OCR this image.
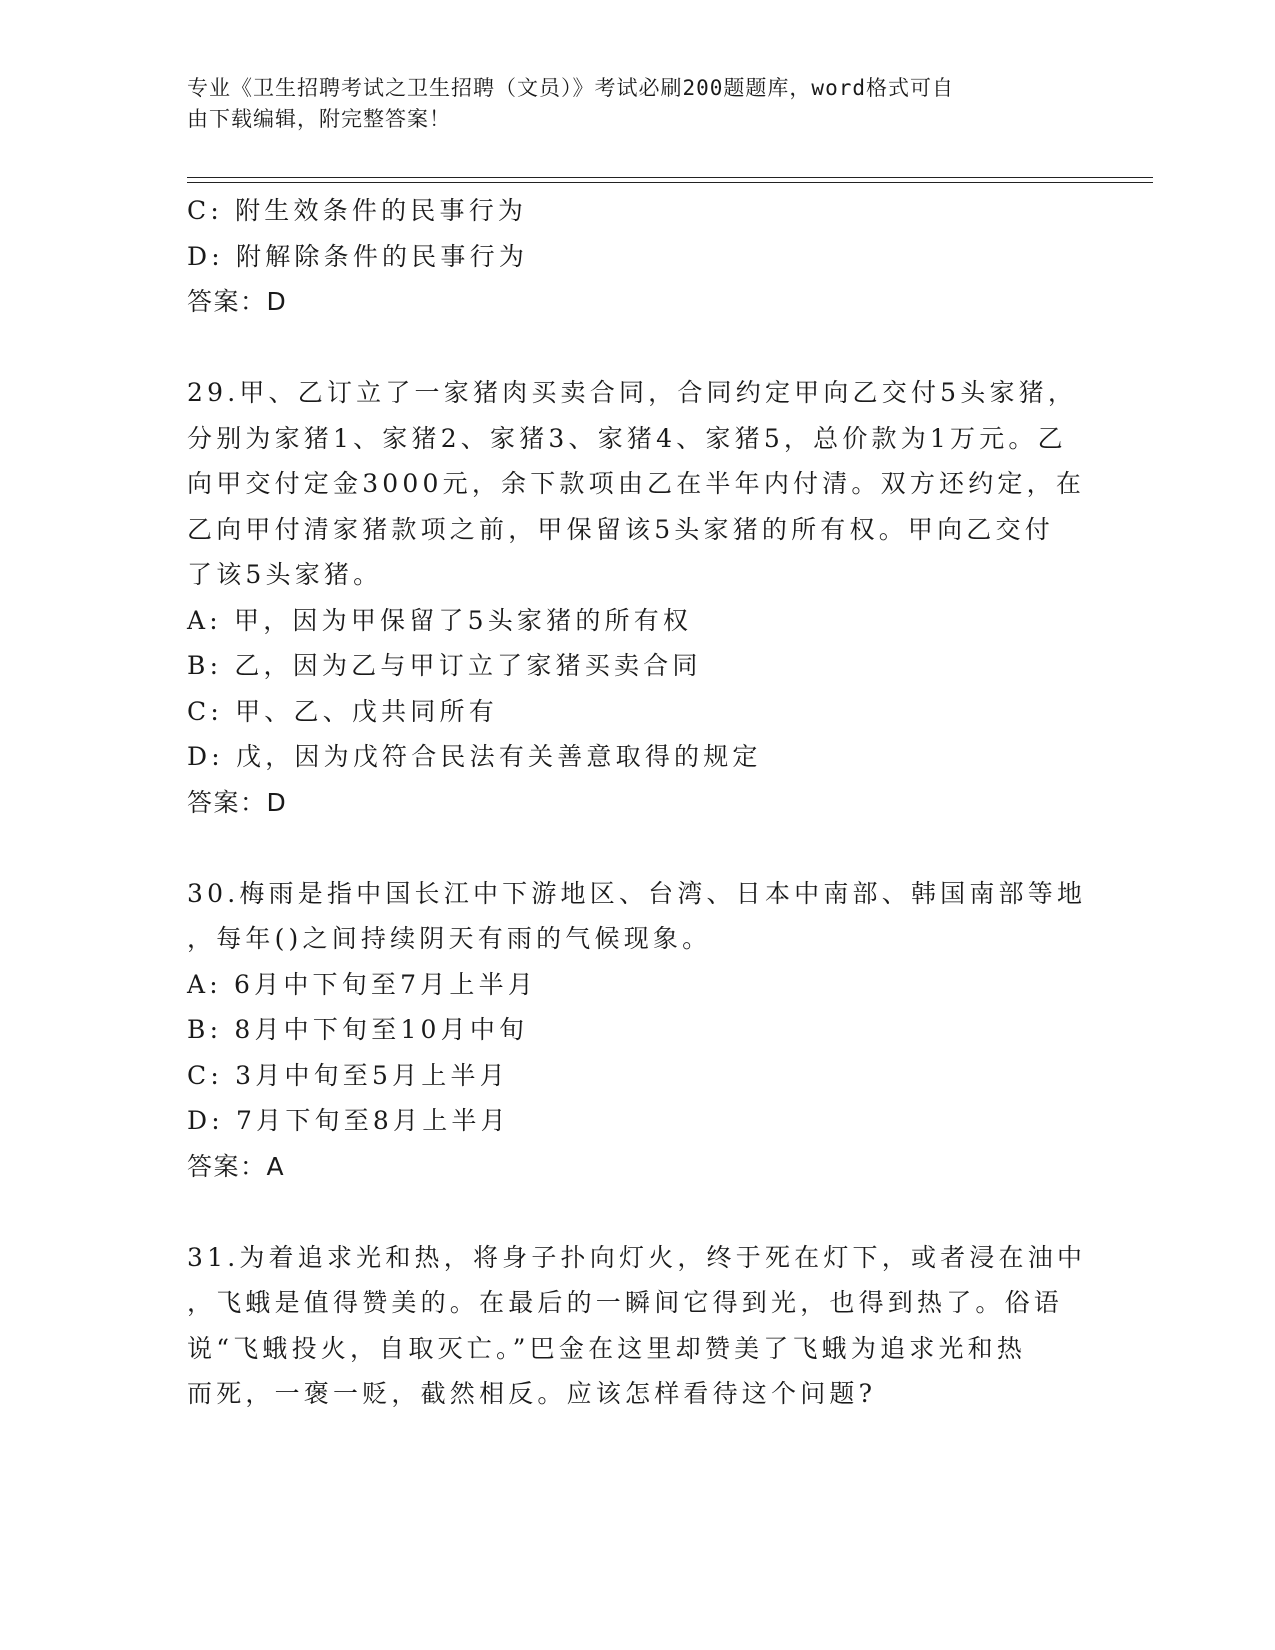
专业《卫生招聘考试之卫生招聘（文员）》考试必刷200题题库，word格式可自
由下载编辑，附完整答案！
C: 附生效条件的民事行为
D: 附解除条件的民事行为
答案：D
29.甲、乙订立了一家猪肉买卖合同，合同约定甲向乙交付5头家猪，
分别为家猪1、家猪2、家猪3、家猪4、家猪5，总价款为1万元。乙
向甲交付定金3000元，余下款项由乙在半年内付清。双方还约定，在
乙向甲付清家猪款项之前，甲保留该5头家猪的所有权。甲向乙交付
了该5头家猪。
A: 甲，因为甲保留了5头家猪的所有权
B: 乙，因为乙与甲订立了家猪买卖合同
C: 甲、乙、戊共同所有
D: 戊，因为戊符合民法有关善意取得的规定
答案：D
30.梅雨是指中国长江中下游地区、台湾、日本中南部、韩国南部等地
，每年()之间持续阴天有雨的气候现象。
A: 6月中下旬至7月上半月
B: 8月中下旬至10月中旬
C: 3月中旬至5月上半月
D: 7月下旬至8月上半月
答案：A
31.为着追求光和热，将身子扑向灯火，终于死在灯下，或者浸在油中
，飞蛾是值得赞美的。在最后的一瞬间它得到光，也得到热了。俗语
说“飞蛾投火，自取灭亡。”巴金在这里却赞美了飞蛾为追求光和热
而死，一褒一贬，截然相反。应该怎样看待这个问题?
